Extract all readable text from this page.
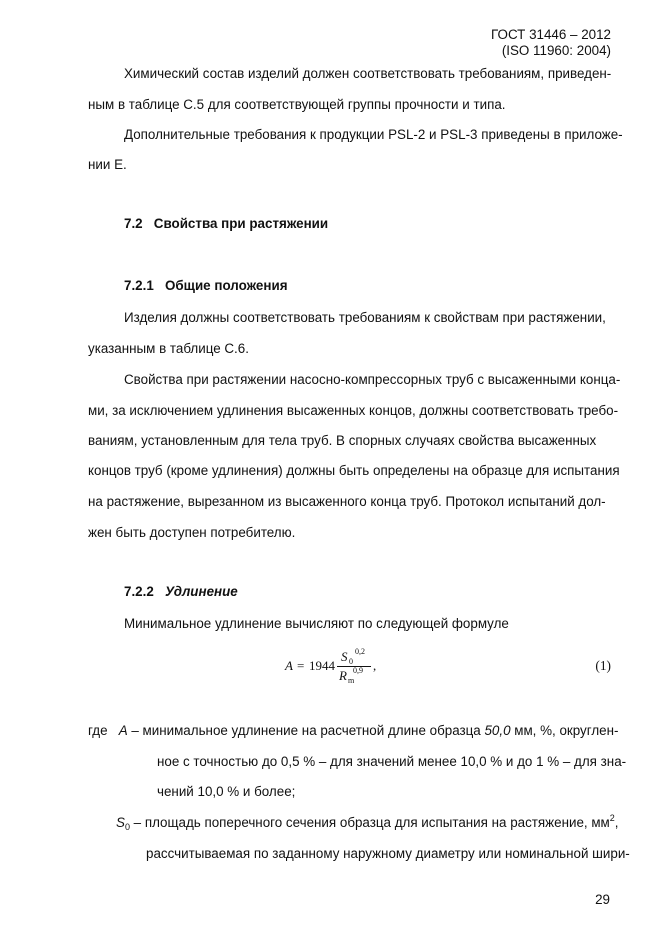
ГОСТ 31446 – 2012
(ISO 11960: 2004)
Химический состав изделий должен соответствовать требованиям, приведен-
ным в таблице С.5 для соответствующей группы прочности и типа.
Дополнительные требования к продукции PSL-2 и PSL-3 приведены в приложе-
нии Е.
7.2 Свойства при растяжении
7.2.1 Общие положения
Изделия должны соответствовать требованиям к свойствам при растяжении,
указанным в таблице С.6.
Свойства при растяжении насосно-компрессорных труб с высаженными конца-
ми, за исключением удлинения высаженных концов, должны соответствовать требо-
ваниям, установленным для тела труб. В спорных случаях свойства высаженных
концов труб (кроме удлинения) должны быть определены на образце для испытания
на растяжение, вырезанном из высаженного конца труб. Протокол испытаний дол-
жен быть доступен потребителю.
7.2.2 Удлинение
Минимальное удлинение вычисляют по следующей формуле
A = 1944
S 0
0,2
R m
0,9 ,	(1)
где A – минимальное удлинение на расчетной длине образца 50,0 мм, %, округлен-
ное с точностью до 0,5 % – для значений менее 10,0 % и до 1 % – для зна-
чений 10,0 % и более;
$S_0$ – площадь поперечного сечения образца для испытания на растяжение, $мм^2$,
рассчитываемая по заданному наружному диаметру или номинальной шири-
29
